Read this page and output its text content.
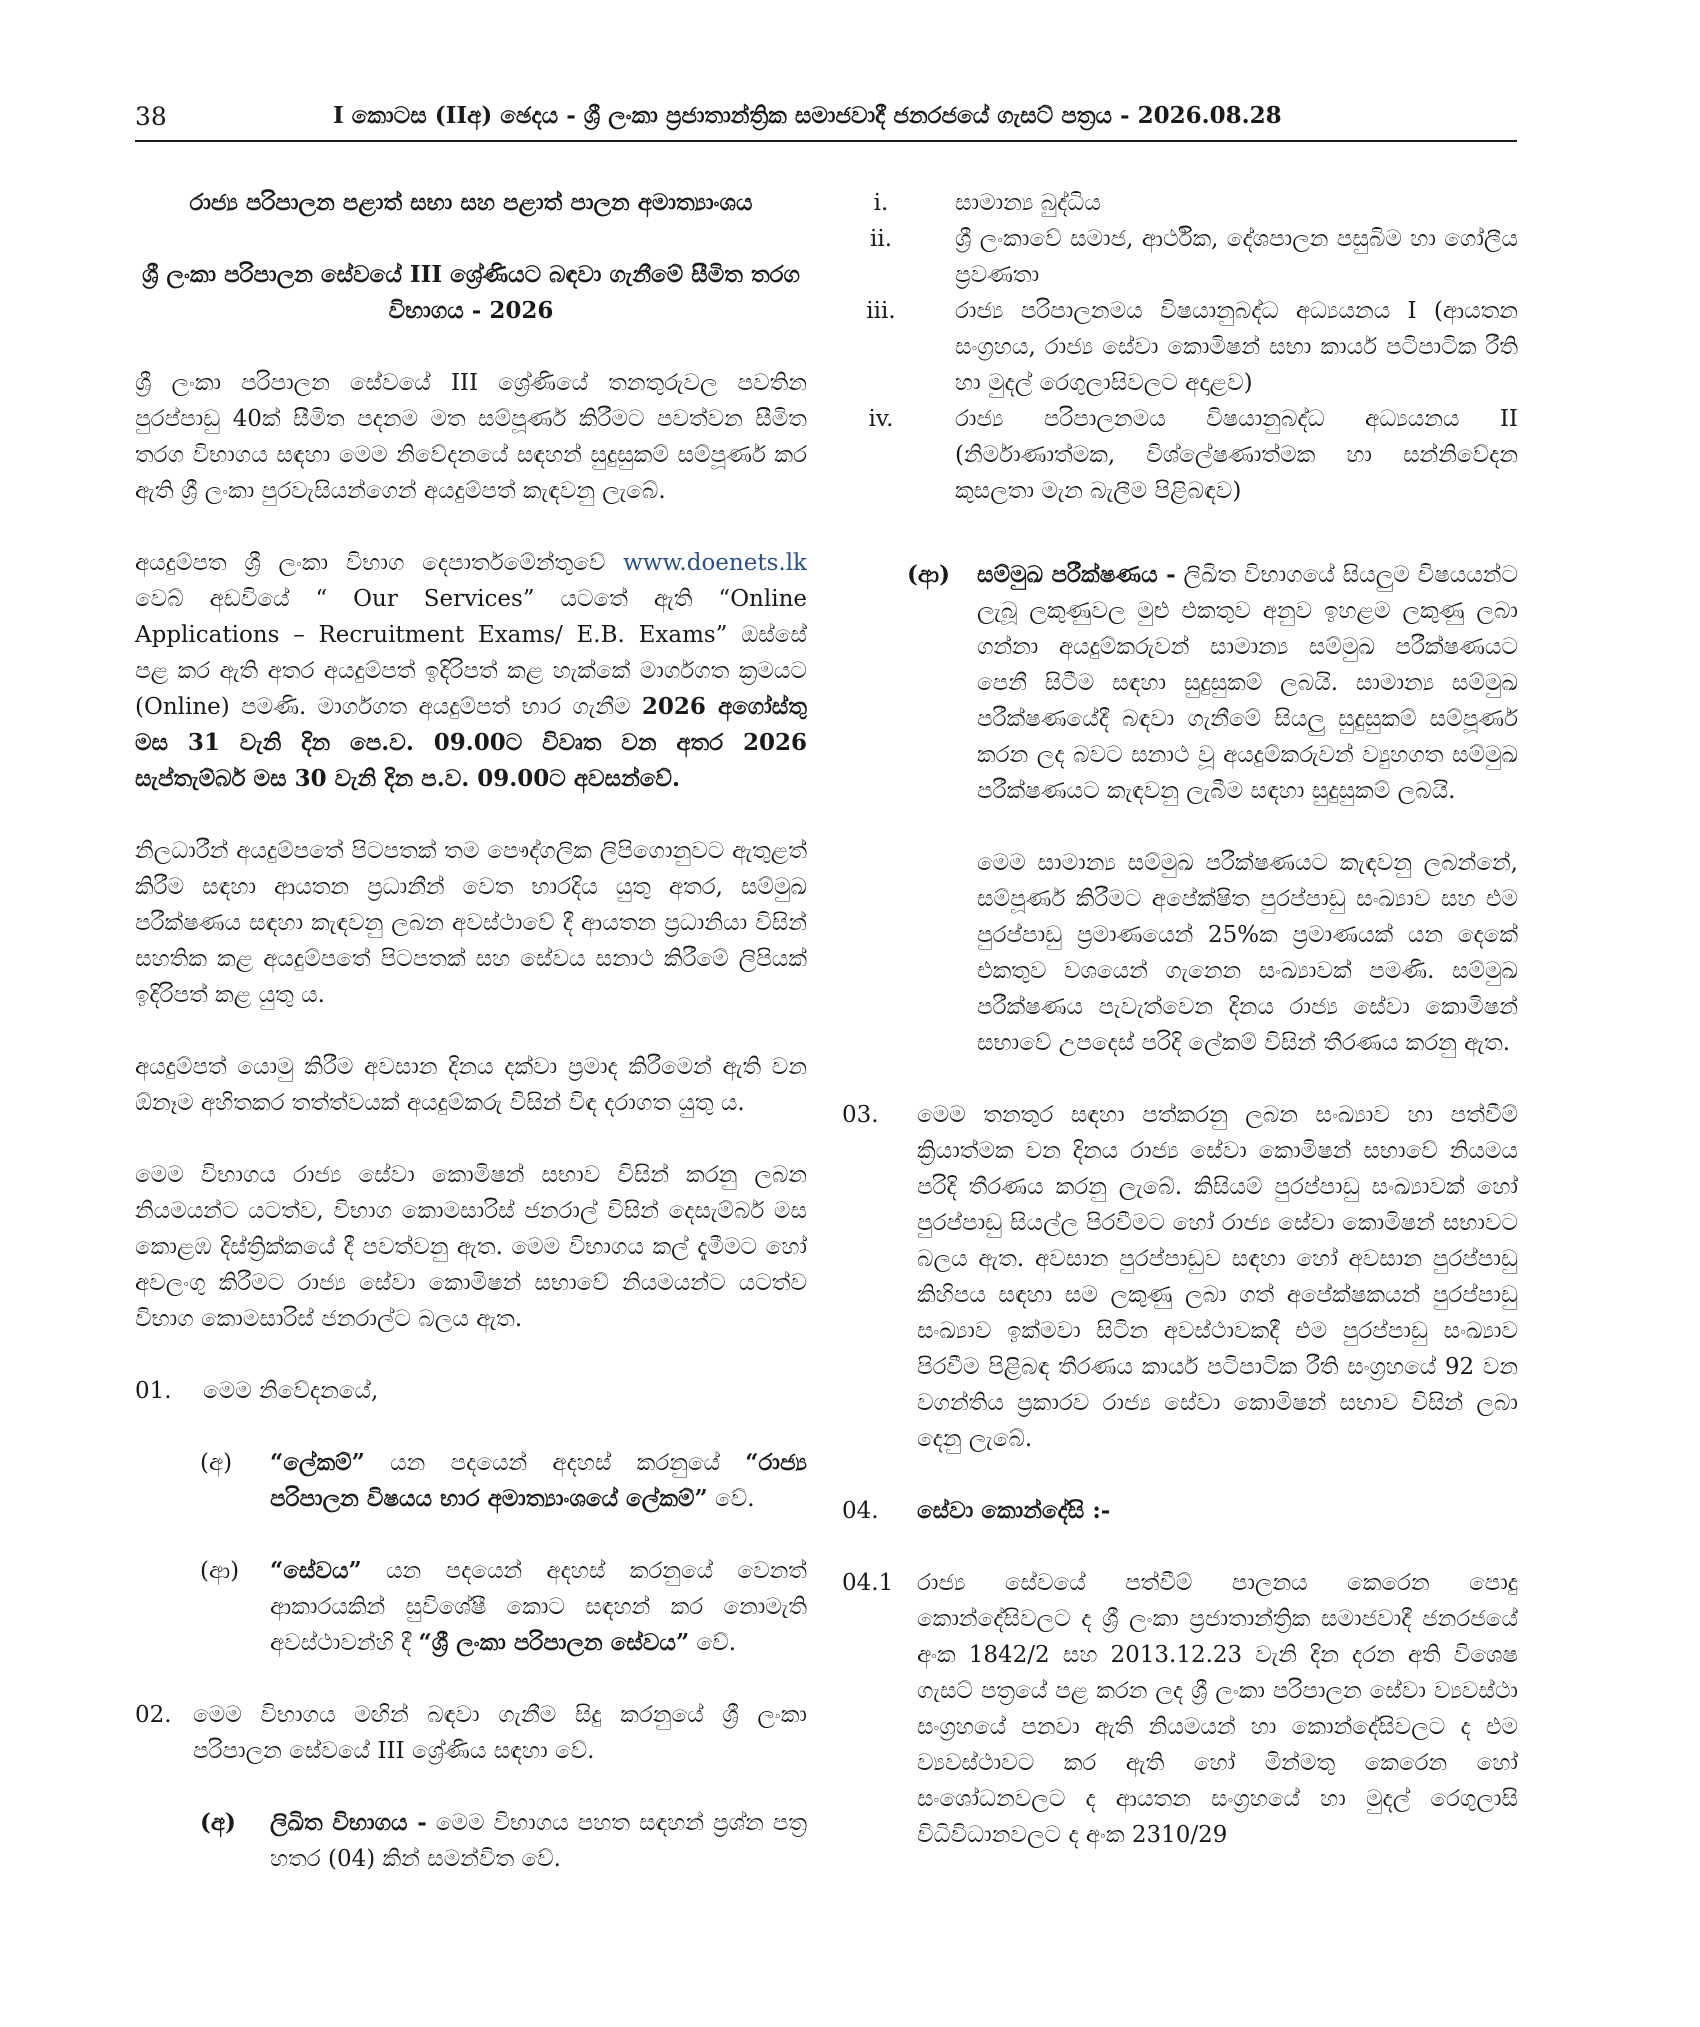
38	I කොටස (IIඅ) ඡෙදය - ශ්‍රී ලංකා ප්‍රජාතාන්ත්‍රික සමාජවාදී ජනරජයේ ගැසට් පත්‍රය - 2026.08.28

රාජ්‍ය පරිපාලන පළාත් සභා සහ පළාත් පාලන අමාත්‍යාංශය

ශ්‍රී ලංකා පරිපාලන සේවයේ III ශ්‍රේණියට බඳවා ගැනීමේ සීමිත තරග විභාගය - 2026

ශ්‍රී ලංකා පරිපාලන සේවයේ III ශ්‍රේණියේ තනතුරුවල පවතින පුරප්පාඩු 40ක් සීමිත පදනම මත සම්පූර්ණ කිරීමට පවත්වන සීමිත තරග විභාගය සඳහා මෙම නිවේදනයේ සඳහන් සුදුසුකම් සම්පූර්ණ කර ඇති ශ්‍රී ලංකා පුරවැසියන්ගෙන් අයදුම්පත් කැඳවනු ලැබේ.

අයදුම්පත ශ්‍රී ලංකා විභාග දෙපාර්තමේන්තුවේ www.doenets.lk වෙබ් අඩවියේ “ Our Services” යටතේ ඇති “Online Applications – Recruitment Exams/ E.B. Exams” ඔස්සේ පළ කර ඇති අතර අයදුම්පත් ඉදිරිපත් කළ හැක්කේ මාර්ගගත ක්‍රමයට (Online) පමණි. මාර්ගගත අයදුම්පත් භාර ගැනීම 2026 අගෝස්තු මස 31 වැනි දින පෙ.ව. 09.00ට විවෘත වන අතර 2026 සැප්තැම්බර් මස 30 වැනි දින ප.ව. 09.00ට අවසන්වේ.

නිලධාරීන් අයදුම්පතේ පිටපතක් තම පෞද්ගලික ලිපිගොනුවට ඇතුළත් කිරීම සඳහා ආයතන ප්‍රධානීන් වෙත භාරදිය යුතු අතර, සම්මුඛ පරීක්ෂණය සඳහා කැඳවනු ලබන අවස්ථාවේ දී ආයතන ප්‍රධානියා විසින් සහතික කළ අයදුම්පතේ පිටපතක් සහ සේවය සනාථ කිරීමේ ලිපියක් ඉදිරිපත් කළ යුතු ය.

අයදුම්පත් යොමු කිරීම අවසාන දිනය දක්වා ප්‍රමාද කිරීමෙන් ඇති වන ඕනෑම අහිතකර තත්ත්වයක් අයදුම්කරු විසින් විඳ දරාගත යුතු ය.

මෙම විභාගය රාජ්‍ය සේවා කොමිෂන් සභාව විසින් කරනු ලබන නියමයන්ට යටත්ව, විභාග කොමසාරිස් ජනරාල් විසින් දෙසැම්බර් මස කොළඹ දිස්ත්‍රික්කයේ දී පවත්වනු ඇත. මෙම විභාගය කල් දැමීමට හෝ අවලංගු කිරීමට රාජ්‍ය සේවා කොමිෂන් සභාවේ නියමයන්ට යටත්ව විභාග කොමසාරිස් ජනරාල්ට බලය ඇත.

01.	මෙම නිවේදනයේ,
(අ)	“ලේකම්” යන පදයෙන් අදහස් කරනුයේ “රාජ්‍ය පරිපාලන විෂයය භාර අමාත්‍යාංශයේ ලේකම්” වේ.
(ආ)	“සේවය” යන පදයෙන් අදහස් කරනුයේ වෙනත් ආකාරයකින් සුවිශේෂී කොට සඳහන් කර නොමැති අවස්ථාවන්හි දී “ශ්‍රී ලංකා පරිපාලන සේවය” වේ.
02. මෙම විභාගය මඟින් බඳවා ගැනීම සිදු කරනුයේ ශ්‍රී ලංකා පරිපාලන සේවයේ III ශ්‍රේණිය සඳහා වේ.
(අ)	ලිඛිත විභාගය - මෙම විභාගය පහත සඳහන් ප්‍රශ්න පත්‍ර හතර (04) කින් සමන්විත වේ.
i.	සාමාන්‍ය බුද්ධිය
ii.	ශ්‍රී ලංකාවේ සමාජ, ආර්ථික, දේශපාලන පසුබිම හා ගෝලීය ප්‍රවණතා
iii.	රාජ්‍ය පරිපාලනමය විෂයානුබද්ධ අධ්‍යයනය I (ආයතන සංග්‍රහය, රාජ්‍ය සේවා කොමිෂන් සභා කාර්ය පටිපාටික රීති හා මුදල් රෙගුලාසිවලට අදාළව)
iv.	රාජ්‍ය පරිපාලනමය විෂයානුබද්ධ අධ්‍යයනය II (නිර්මාණාත්මක, විශ්ලේෂණාත්මක හා සන්නිවේදන කුසලතා මැන බැලීම පිළිබඳව)
(ආ)	සම්මුඛ පරීක්ෂණය - ලිඛිත විභාගයේ සියලුම විෂයයන්ට ලැබූ ලකුණුවල මුළු එකතුව අනුව ඉහළම ලකුණු ලබා ගන්නා අයදුම්කරුවන් සාමාන්‍ය සම්මුඛ පරීක්ෂණයට පෙනී සිටීම සඳහා සුදුසුකම් ලබයි. සාමාන්‍ය සම්මුඛ පරීක්ෂණයේදී බඳවා ගැනීමේ සියලු සුදුසුකම් සම්පූර්ණ කරන ලද බවට සනාථ වූ අයදුම්කරුවන් ව්‍යුහගත සම්මුඛ පරීක්ෂණයට කැඳවනු ලැබීම සඳහා සුදුසුකම් ලබයි.

මෙම සාමාන්‍ය සම්මුඛ පරීක්ෂණයට කැඳවනු ලබන්නේ, සම්පූර්ණ කිරීමට අපේක්ෂිත පුරප්පාඩු සංඛ්‍යාව සහ එම පුරප්පාඩු ප්‍රමාණයෙන් 25%ක ප්‍රමාණයක් යන දෙකේ එකතුව වශයෙන් ගැනෙන සංඛ්‍යාවක් පමණි. සම්මුඛ පරීක්ෂණය පැවැත්වෙන දිනය රාජ්‍ය සේවා කොමිෂන් සභාවේ උපදෙස් පරිදි ලේකම් විසින් තීරණය කරනු ඇත.

03.	මෙම තනතුර සඳහා පත්කරනු ලබන සංඛ්‍යාව හා පත්වීම් ක්‍රියාත්මක වන දිනය රාජ්‍ය සේවා කොමිෂන් සභාවේ නියමය පරිදි තීරණය කරනු ලැබේ. කිසියම් පුරප්පාඩු සංඛ්‍යාවක් හෝ පුරප්පාඩු සියල්ල පිරවීමට හෝ රාජ්‍ය සේවා කොමිෂන් සභාවට බලය ඇත. අවසාන පුරප්පාඩුව සඳහා හෝ අවසාන පුරප්පාඩු කිහිපය සඳහා සම ලකුණු ලබා ගත් අපේක්ෂකයන් පුරප්පාඩු සංඛ්‍යාව ඉක්මවා සිටින අවස්ථාවකදී එම පුරප්පාඩු සංඛ්‍යාව පිරවීම පිළිබඳ තීරණය කාර්ය පටිපාටික රීති සංග්‍රහයේ 92 වන වගන්තිය ප්‍රකාරව රාජ්‍ය සේවා කොමිෂන් සභාව විසින් ලබා දෙනු ලැබේ.
04.	සේවා කොන්දේසි :-
04.1	රාජ්‍ය සේවයේ පත්වීම් පාලනය කෙරෙන පොදු කොන්දේසිවලට ද ශ්‍රී ලංකා ප්‍රජාතාන්ත්‍රික සමාජවාදී ජනරජයේ අංක 1842/2 සහ 2013.12.23 වැනි දින දරන අති විශෙෂ ගැසට් පත්‍රයේ පළ කරන ලද ශ්‍රී ලංකා පරිපාලන සේවා ව්‍යවස්ථා සංග්‍රහයේ පනවා ඇති නියමයන් හා කොන්දේසිවලට ද එම ව්‍යවස්ථාවට කර ඇති හෝ මින්මතු කෙරෙන හෝ සංශෝධනවලට ද ආයතන සංග්‍රහයේ හා මුදල් රෙගුලාසි විධිවිධානවලට ද අංක 2310/29
